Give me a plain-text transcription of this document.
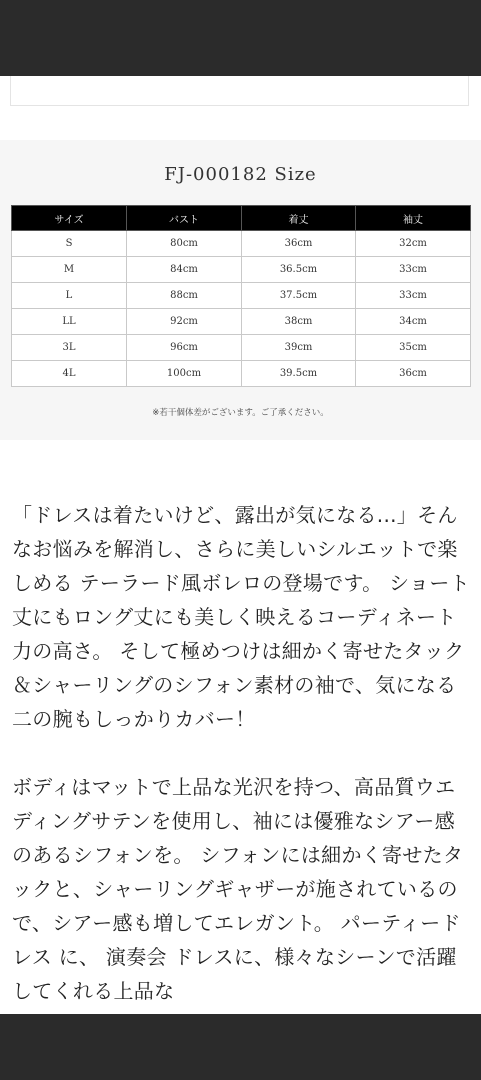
FJ-000182 Size
サイズ	バスト	着丈	袖丈
S	80cm	36cm	32cm
M	84cm	36.5cm	33cm
L	88cm	37.5cm	33cm
LL	92cm	38cm	34cm
3L	96cm	39cm	35cm
4L	100cm	39.5cm	36cm
※若干個体差がございます。ご了承ください。

「ドレスは着たいけど、露出が気になる...」そんなお悩みを解消し、さらに美しいシルエットで楽しめる テーラード風ボレロの登場です。 ショート丈にもロング丈にも美しく映えるコーディネート力の高さ。 そして極めつけは細かく寄せたタック＆シャーリングのシフォン素材の袖で、気になる二の腕もしっかりカバー！

ボディはマットで上品な光沢を持つ、高品質ウエディングサテンを使用し、袖には優雅なシアー感のあるシフォンを。 シフォンには細かく寄せたタックと、シャーリングギャザーが施されているので、シアー感も増してエレガント。 パーティードレス に、 演奏会 ドレスに、様々なシーンで活躍してくれる上品な
